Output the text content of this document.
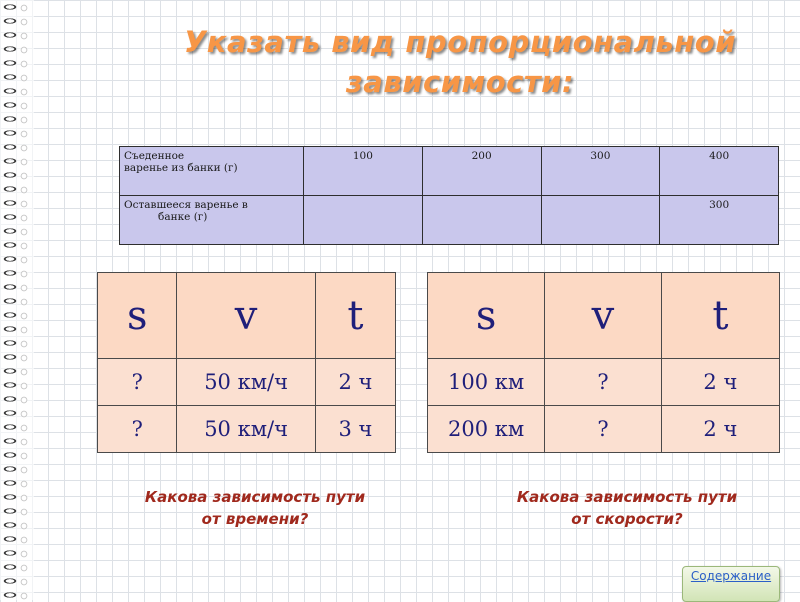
Указать вид пропорциональной
зависимости:
Съеденное
варенье из банки (г)	100	200	300	400
Оставшееся варенье в
банке (г)				300
s	v	t
?	50 км/ч	2 ч
?	50 км/ч	3 ч
s	v	t
100 км	?	2 ч
200 км	?	2 ч

Какова зависимость пути
от времени?

Какова зависимость пути
от скорости?

Содержание
